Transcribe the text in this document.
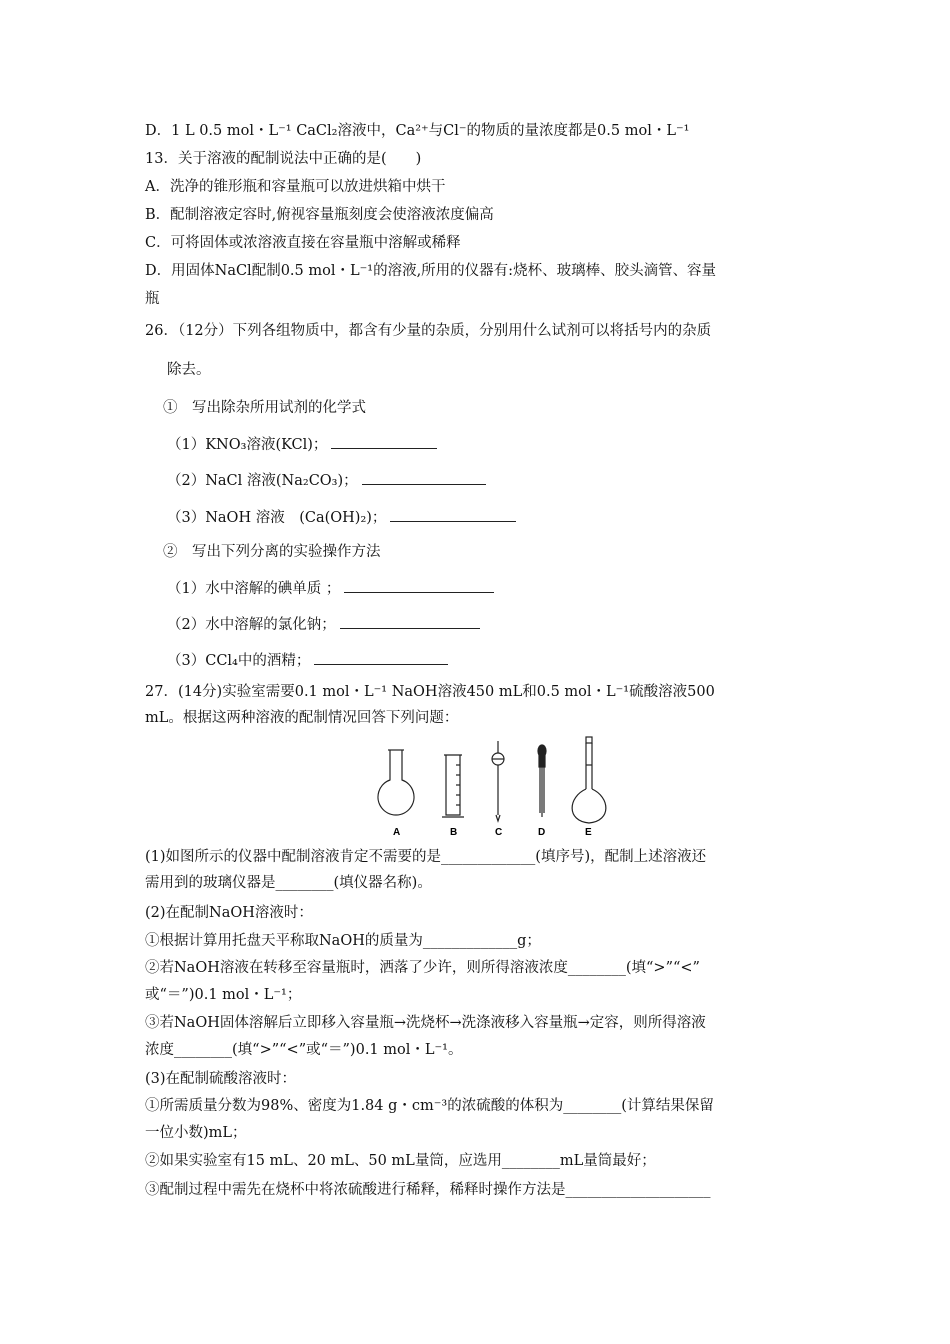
D．1 L 0.5 mol・L⁻¹ CaCl₂溶液中，Ca²⁺与Cl⁻的物质的量浓度都是0.5 mol・L⁻¹
13．关于溶液的配制说法中正确的是(　　)
A．洗净的锥形瓶和容量瓶可以放进烘箱中烘干
B．配制溶液定容时,俯视容量瓶刻度会使溶液浓度偏高
C．可将固体或浓溶液直接在容量瓶中溶解或稀释
D．用固体NaCl配制0.5 mol・L⁻¹的溶液,所用的仪器有:烧杯、玻璃棒、胶头滴管、容量
瓶
26．（12分）下列各组物质中，都含有少量的杂质，分别用什么试剂可以将括号内的杂质
除去。
①　写出除杂所用试剂的化学式
（1）KNO₃溶液(KCl)；
（2）NaCl 溶液(Na₂CO₃)；
（3）NaOH 溶液　(Ca(OH)₂)；
②　写出下列分离的实验操作方法
（1）水中溶解的碘单质 ；
（2）水中溶解的氯化钠；
（3）CCl₄中的酒精；
27．(14分)实验室需要0.1 mol・L⁻¹ NaOH溶液450 mL和0.5 mol・L⁻¹硫酸溶液500
mL。根据这两种溶液的配制情况回答下列问题：
A	B	C	D	E
(1)如图所示的仪器中配制溶液肯定不需要的是_____________(填序号)，配制上述溶液还
需用到的玻璃仪器是________(填仪器名称)。
(2)在配制NaOH溶液时：
①根据计算用托盘天平称取NaOH的质量为_____________g；
②若NaOH溶液在转移至容量瓶时，洒落了少许，则所得溶液浓度________(填“>”“<”
或“＝”)0.1 mol・L⁻¹；
③若NaOH固体溶解后立即移入容量瓶→洗烧杯→洗涤液移入容量瓶→定容，则所得溶液
浓度________(填“>”“<”或“＝”)0.1 mol・L⁻¹。
(3)在配制硫酸溶液时：
①所需质量分数为98%、密度为1.84 g・cm⁻³的浓硫酸的体积为________(计算结果保留
一位小数)mL；
②如果实验室有15 mL、20 mL、50 mL量筒，应选用________mL量筒最好；
③配制过程中需先在烧杯中将浓硫酸进行稀释，稀释时操作方法是____________________
